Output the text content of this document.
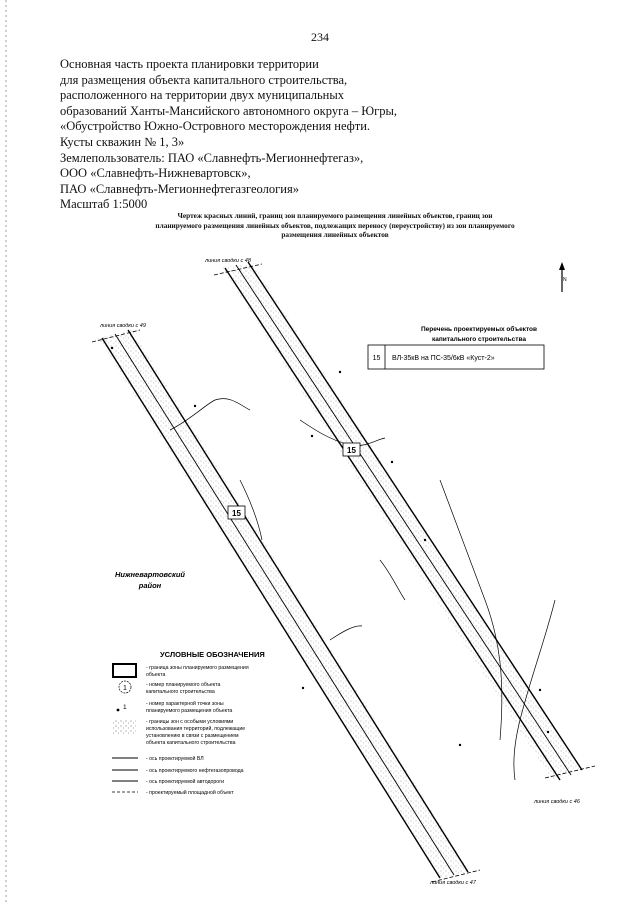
234
Основная часть проекта планировки территории
для размещения объекта капитального строительства,
расположенного на территории двух муниципальных
образований Ханты-Мансийского автономного округа – Югры,
«Обустройство Южно-Островного месторождения нефти.
Кусты скважин № 1, 3»
Землепользователь: ПАО «Славнефть-Мегионнефтегаз»,
ООО «Славнефть-Нижневартовск»,
ПАО «Славнефть-Мегионнефтегазгеология»
Масштаб 1:5000
Чертеж красных линий, границ зон планируемого размещения линейных объектов, границ зон
планируемого размещения линейных объектов, подлежащих переносу (переустройству) из зон планируемого
размещения линейных объектов
15
15
линия сводки с 48
линия сводки с 49
линия сводки с 46
линия сводки с 47
Нижневартовский
район
N
Перечень проектируемых объектов
капитального строительства
15 ВЛ-35кВ на ПС-35/6кВ «Куст-2»
УСЛОВНЫЕ ОБОЗНАЧЕНИЯ
- граница зоны планируемого размещения
объекта
1	- номер планируемого объекта
капитального строительства
1	- номер характерной точки зоны
планируемого размещения объекта
- границы зон с особыми условиями
использования территорий, подлежащие
установлению в связи с размещением
объекта капитального строительства
- ось проектируемой ВЛ
- ось проектируемого нефтегазопровода
- ось проектируемой автодороги
- проектируемый площадной объект
